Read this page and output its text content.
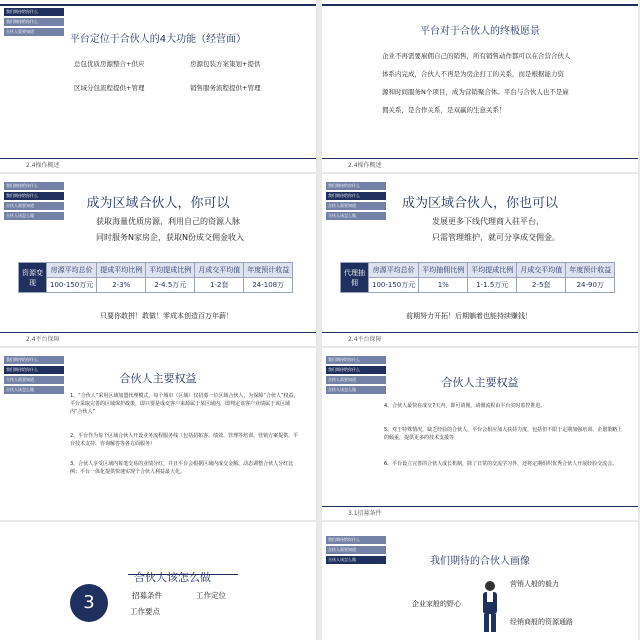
我们期待给你什么
我们期待给你什么
合伙人需要知道
平台定位于合伙人的4大功能（经营面）
总包优质房源整合+供应	房源包装方案策划+提供
区域分包流程提供+管理	销售服务流程提供+管理
2.4操作概述
平台对于合伙人的终极愿景
企业不再需要雇佣自己的销售，所有销售动作都可以在合营合伙人
体系内完成，合伙人不再是为房企打工的关系，而是根据能力资
源和时间服务N个项目，成为营销聚合体。平台与合伙人也不是雇
佣关系，是合作关系，是双赢的生意关系！
2.4操作概述
我们期待给你什么
我们期待给你什么
合伙人需要知道
合伙人该怎么做
成为区域合伙人，你可以
获取海量优质房源，利用自己的资源人脉
同时服务N家房企，获取N份成交佣金收入
资源变现	房源平均总价	提成平均比例	平均提成比例	月成交平均值	年度预计收益
	100-150万元	2-3%	2-4.5万元	1-2套	24-108万
只要你敢拼！敢做！零成本创造百万年薪！
2.4平台保障
我们期待给你什么
我们期待给你什么
合伙人需要知道
合伙人该怎么做
成为区域合伙人，你也可以
发展更多下线代理商入驻平台，
只需管理维护，就可分享成交佣金。
代理抽佣	房源平均总价	平均抽佣比例	平均提成比例	月成交平均值	年度预计收益
	100-150万元	1%	1-1.5万元	2-5套	24-90万
前期努力开拓！后期躺着也能持续赚钱！
2.4平台保障
我们期待给你什么
我们期待给你什么
合伙人需要知道
合伙人该怎么做
合伙人主要权益
1、“合伙人”采用区域加盟代理模式，每个城市（区域）仅招募一位区域合伙人，为保障“合伙人”权益，平台采取完善的区域保护政策，即只要是成交客户来源属于某区域内，即判定该客户业绩属于该区域内“合伙人”
2、平台作为每个区域合伙人开设业务流程服务线（包括招拓客、绩效、管理等培训、营销方案提供、平台技术支持、咨询解答等各方面服务）
3、合伙人享受区域内每笔交易的业绩分红，并且平台会根据区域内成交金额、动态调整合伙人分红比例；平台一体化提供快速实现个合伙人利益最大化。
我们期待给你什么
我们期待给你什么
合伙人需要知道
合伙人该怎么做
合伙人主要权益
4、合伙人最快在成交7天内，即可请佣，请佣流程由平台实时监控推进。
5、对于特殊情况，缺乏经验的合伙人，平台会相应加大扶持力度，包括但不限于定期加强培训、企划策略上的倾重，提供更多的技术支援等
6、平台设立完善的合伙人成长机制，除了日常的交流学习外，还将定期组织优秀合伙人开展经验交流会。
3.1招募条件
3
合伙人该怎么做
招募条件	工作定位
工作要点
我们期待给你什么
合伙人需要知道
合伙人该怎么做	我们期待的合伙人画像
营销人般的毅力
企业家般的野心
经销商般的资源通路
